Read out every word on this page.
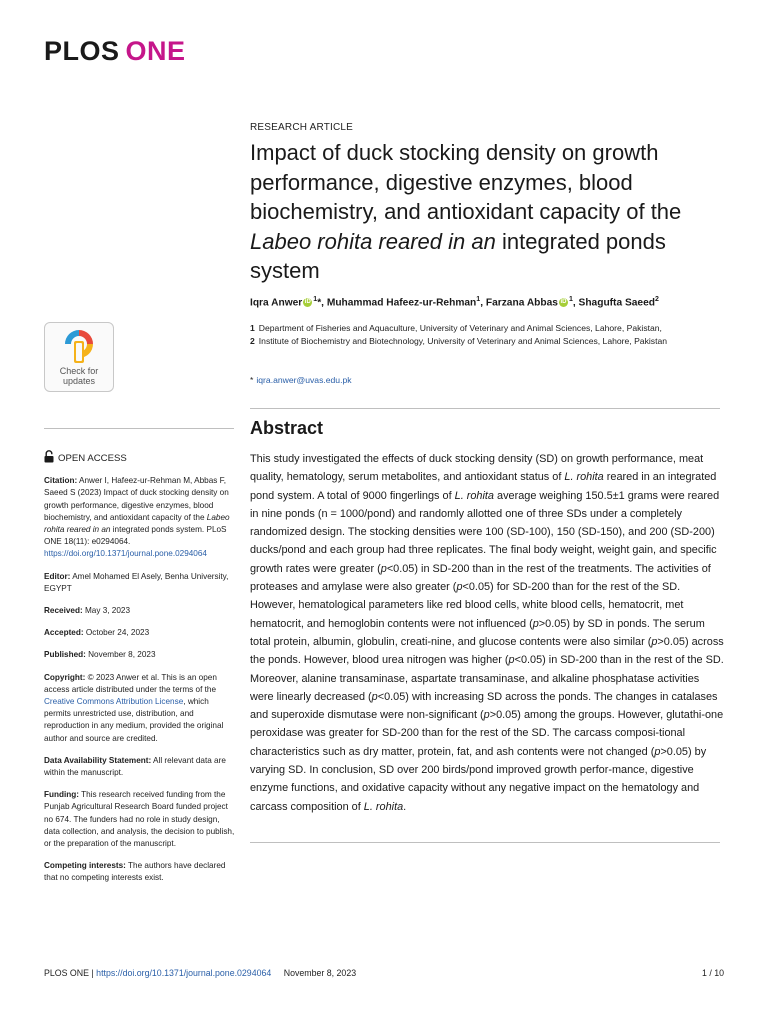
PLOS ONE
Check for
updates
RESEARCH ARTICLE
Impact of duck stocking density on growth performance, digestive enzymes, blood biochemistry, and antioxidant capacity of the Labeo rohita reared in an integrated ponds system
Iqra Anwer iD $^1$*, Muhammad Hafeez-ur-Rehman$^1$, Farzana Abbas iD $^1$, Shagufta Saeed$^2$
1 Department of Fisheries and Aquaculture, University of Veterinary and Animal Sciences, Lahore, Pakistan,
2 Institute of Biochemistry and Biotechnology, University of Veterinary and Animal Sciences, Lahore, Pakistan
* iqra.anwer@uvas.edu.pk
Abstract

This study investigated the effects of duck stocking density (SD) on growth performance, meat quality, hematology, serum metabolites, and antioxidant status of L. rohita reared in an integrated pond system. A total of 9000 fingerlings of L. rohita average weighing 150.5±1 grams were reared in nine ponds (n = 1000/pond) and randomly allotted one of three SDs under a completely randomized design. The stocking densities were 100 (SD-100), 150 (SD-150), and 200 (SD-200) ducks/pond and each group had three replicates. The final body weight, weight gain, and specific growth rates were greater (p<0.05) in SD-200 than in the rest of the treatments. The activities of proteases and amylase were also greater (p<0.05) for SD-200 than for the rest of the SD. However, hematological parameters like red blood cells, white blood cells, hematocrit, met hematocrit, and hemoglobin contents were not influenced (p>0.05) by SD in ponds. The serum total protein, albumin, globulin, creati-nine, and glucose contents were also similar (p>0.05) across the ponds. However, blood urea nitrogen was higher (p<0.05) in SD-200 than in the rest of the SD. Moreover, alanine transaminase, aspartate transaminase, and alkaline phosphatase activities were linearly decreased (p<0.05) with increasing SD across the ponds. The changes in catalases and superoxide dismutase were non-significant (p>0.05) among the groups. However, glutathi-one peroxidase was greater for SD-200 than for the rest of the SD. The carcass composi-tional characteristics such as dry matter, protein, fat, and ash contents were not changed (p>0.05) by varying SD. In conclusion, SD over 200 birds/pond improved growth perfor-mance, digestive enzyme functions, and oxidative capacity without any negative impact on the hematology and carcass composition of L. rohita.

OPEN ACCESS
Citation: Anwer I, Hafeez-ur-Rehman M, Abbas F, Saeed S (2023) Impact of duck stocking density on growth performance, digestive enzymes, blood biochemistry, and antioxidant capacity of the Labeo rohita reared in an integrated ponds system. PLoS ONE 18(11): e0294064. https://doi.org/10.1371/journal.pone.0294064
Editor: Amel Mohamed El Asely, Benha University, EGYPT
Received: May 3, 2023
Accepted: October 24, 2023
Published: November 8, 2023
Copyright: © 2023 Anwer et al. This is an open access article distributed under the terms of the Creative Commons Attribution License, which permits unrestricted use, distribution, and reproduction in any medium, provided the original author and source are credited.
Data Availability Statement: All relevant data are within the manuscript.
Funding: This research received funding from the Punjab Agricultural Research Board funded project no 674. The funders had no role in study design, data collection, and analysis, the decision to publish, or the preparation of the manuscript.
Competing interests: The authors have declared that no competing interests exist.
PLOS ONE | https://doi.org/10.1371/journal.pone.0294064 November 8, 2023	1 / 10
